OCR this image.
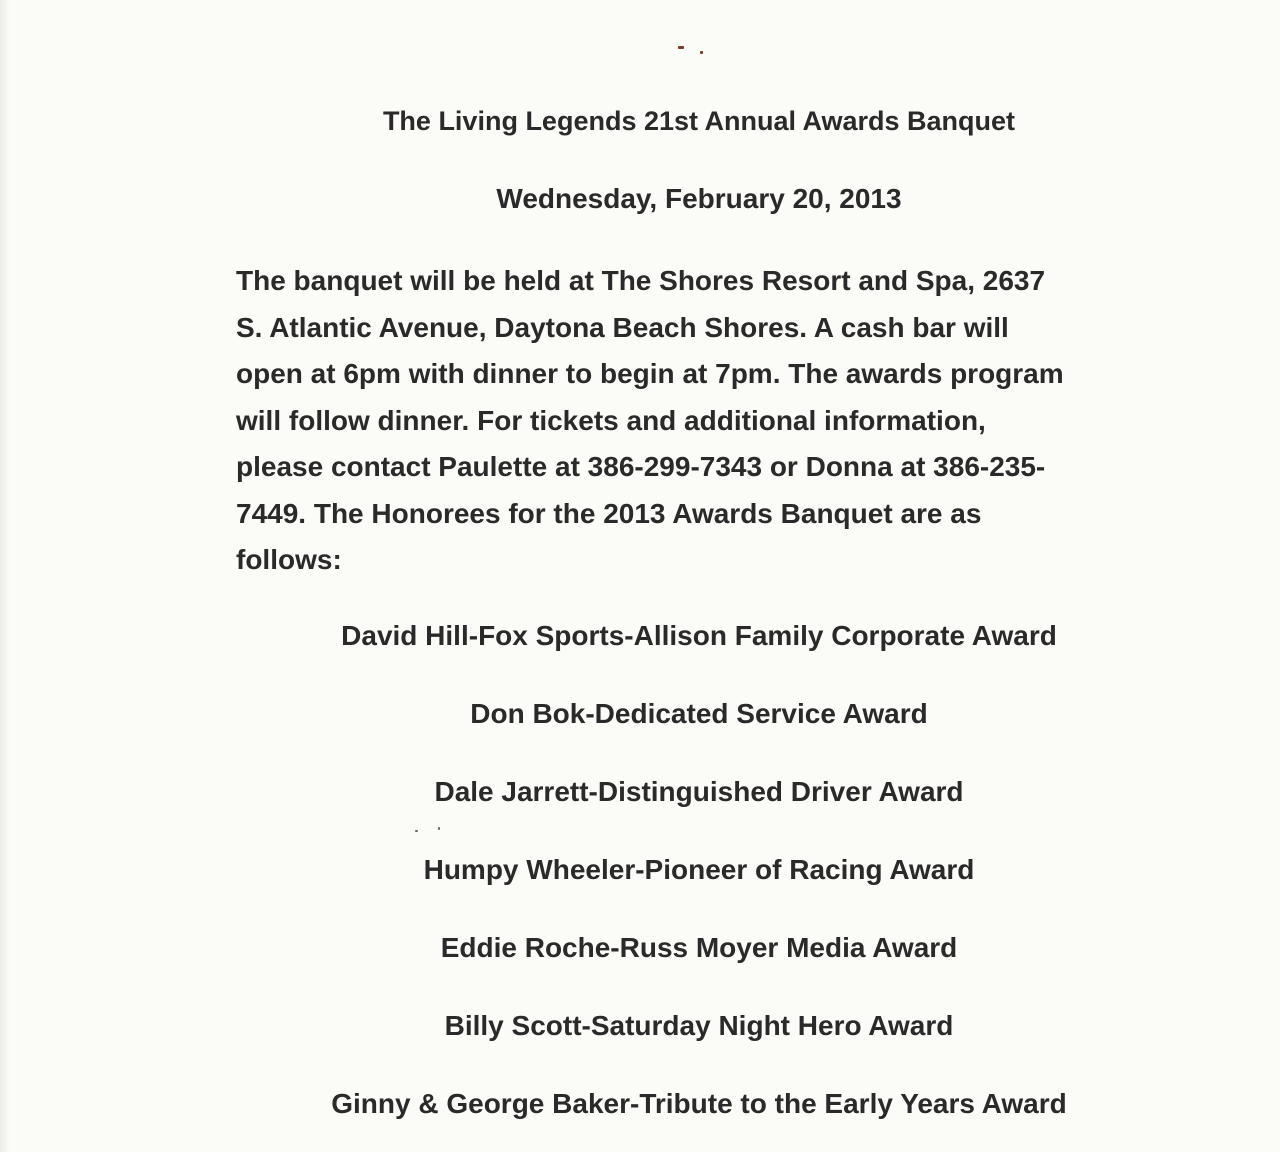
The Living Legends 21st Annual Awards Banquet
Wednesday, February 20, 2013
The banquet will be held at The Shores Resort and Spa, 2637
S. Atlantic Avenue, Daytona Beach Shores. A cash bar will
open at 6pm with dinner to begin at 7pm. The awards program
will follow dinner. For tickets and additional information,
please contact Paulette at 386-299-7343 or Donna at 386-235-
7449. The Honorees for the 2013 Awards Banquet are as
follows:
David Hill-Fox Sports-Allison Family Corporate Award
Don Bok-Dedicated Service Award
Dale Jarrett-Distinguished Driver Award
Humpy Wheeler-Pioneer of Racing Award
Eddie Roche-Russ Moyer Media Award
Billy Scott-Saturday Night Hero Award
Ginny & George Baker-Tribute to the Early Years Award
